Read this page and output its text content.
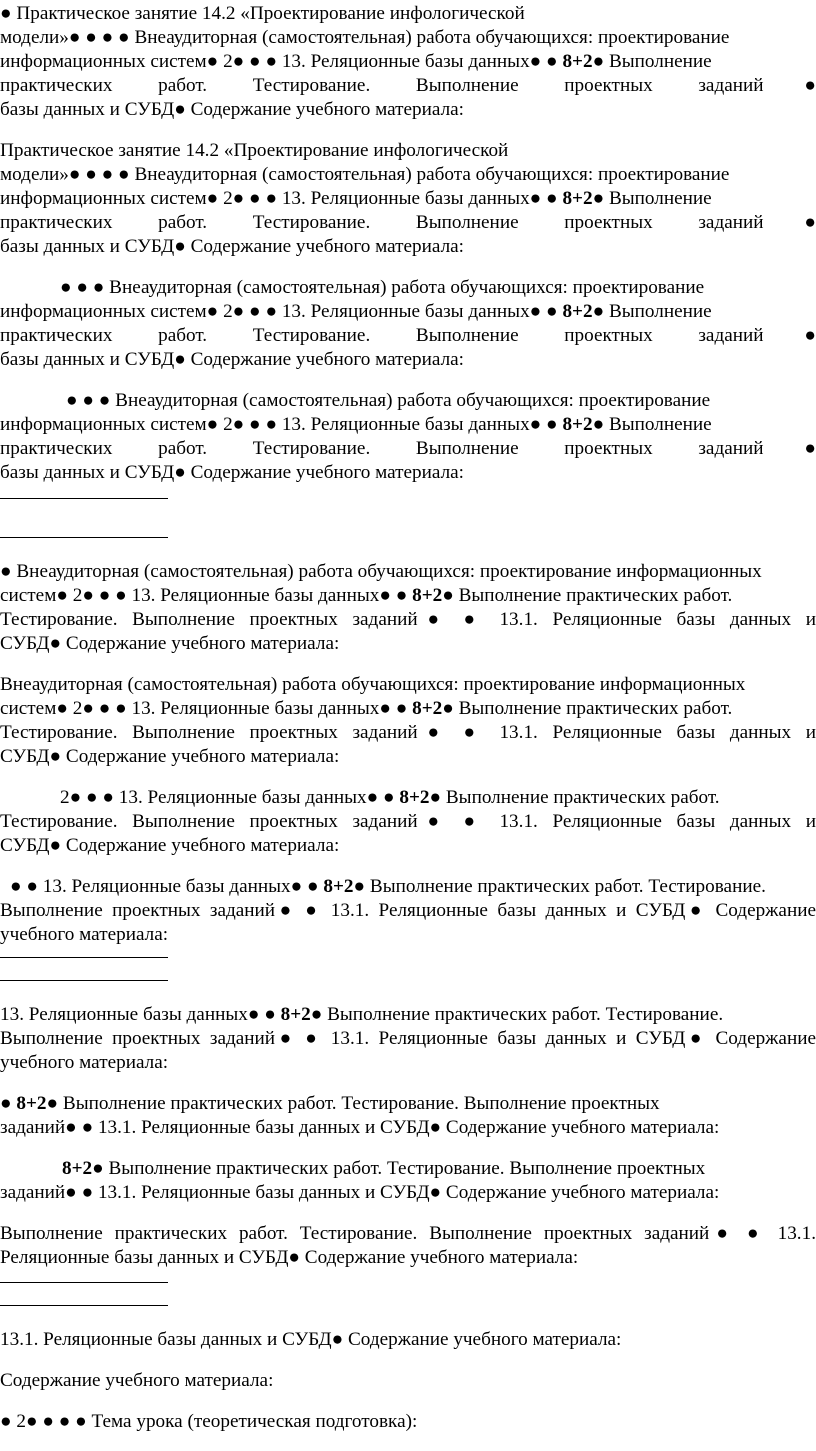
● Практическое занятие 14.2 «Проектирование инфологической
модели»● ● ● ● Внеаудиторная (самостоятельная) работа обучающихся: проектирование
информационных систем● 2● ● ● 13. Реляционные базы данных● ● 8+2● Выполнение
практических работ. Тестирование. Выполнение проектных заданий●
базы данных и СУБД● Содержание учебного материала:
Практическое занятие 14.2 «Проектирование инфологической
модели»● ● ● ● Внеаудиторная (самостоятельная) работа обучающихся: проектирование
информационных систем● 2● ● ● 13. Реляционные базы данных● ● 8+2● Выполнение
практических работ. Тестирование. Выполнение проектных заданий●
базы данных и СУБД● Содержание учебного материала:
● ● ● Внеаудиторная (самостоятельная) работа обучающихся: проектирование
информационных систем● 2● ● ● 13. Реляционные базы данных● ● 8+2● Выполнение
практических работ. Тестирование. Выполнение проектных заданий●
базы данных и СУБД● Содержание учебного материала:
● ● ● Внеаудиторная (самостоятельная) работа обучающихся: проектирование
информационных систем● 2● ● ● 13. Реляционные базы данных● ● 8+2● Выполнение
практических работ. Тестирование. Выполнение проектных заданий●
базы данных и СУБД● Содержание учебного материала:
● Внеаудиторная (самостоятельная) работа обучающихся: проектирование информационных
систем● 2● ● ● 13. Реляционные базы данных● ● 8+2● Выполнение практических работ.
Тестирование. Выполнение проектных заданий● ● 13.1. Реляционные базы данных и
СУБД● Содержание учебного материала:
Внеаудиторная (самостоятельная) работа обучающихся: проектирование информационных
систем● 2● ● ● 13. Реляционные базы данных● ● 8+2● Выполнение практических работ.
Тестирование. Выполнение проектных заданий● ● 13.1. Реляционные базы данных и
СУБД● Содержание учебного материала:
2● ● ● 13. Реляционные базы данных● ● 8+2● Выполнение практических работ.
Тестирование. Выполнение проектных заданий● ● 13.1. Реляционные базы данных и
СУБД● Содержание учебного материала:
● ● 13. Реляционные базы данных● ● 8+2● Выполнение практических работ. Тестирование.
Выполнение проектных заданий● ● 13.1. Реляционные базы данных и СУБД● Содержание
учебного материала:
13. Реляционные базы данных● ● 8+2● Выполнение практических работ. Тестирование.
Выполнение проектных заданий● ● 13.1. Реляционные базы данных и СУБД● Содержание
учебного материала:
● 8+2● Выполнение практических работ. Тестирование. Выполнение проектных
заданий● ● 13.1. Реляционные базы данных и СУБД● Содержание учебного материала:
8+2● Выполнение практических работ. Тестирование. Выполнение проектных
заданий● ● 13.1. Реляционные базы данных и СУБД● Содержание учебного материала:
Выполнение практических работ. Тестирование. Выполнение проектных заданий● ● 13.1.
Реляционные базы данных и СУБД● Содержание учебного материала:
13.1. Реляционные базы данных и СУБД● Содержание учебного материала:
Содержание учебного материала:
● 2● ● ● ● Тема урока (теоретическая подготовка):
